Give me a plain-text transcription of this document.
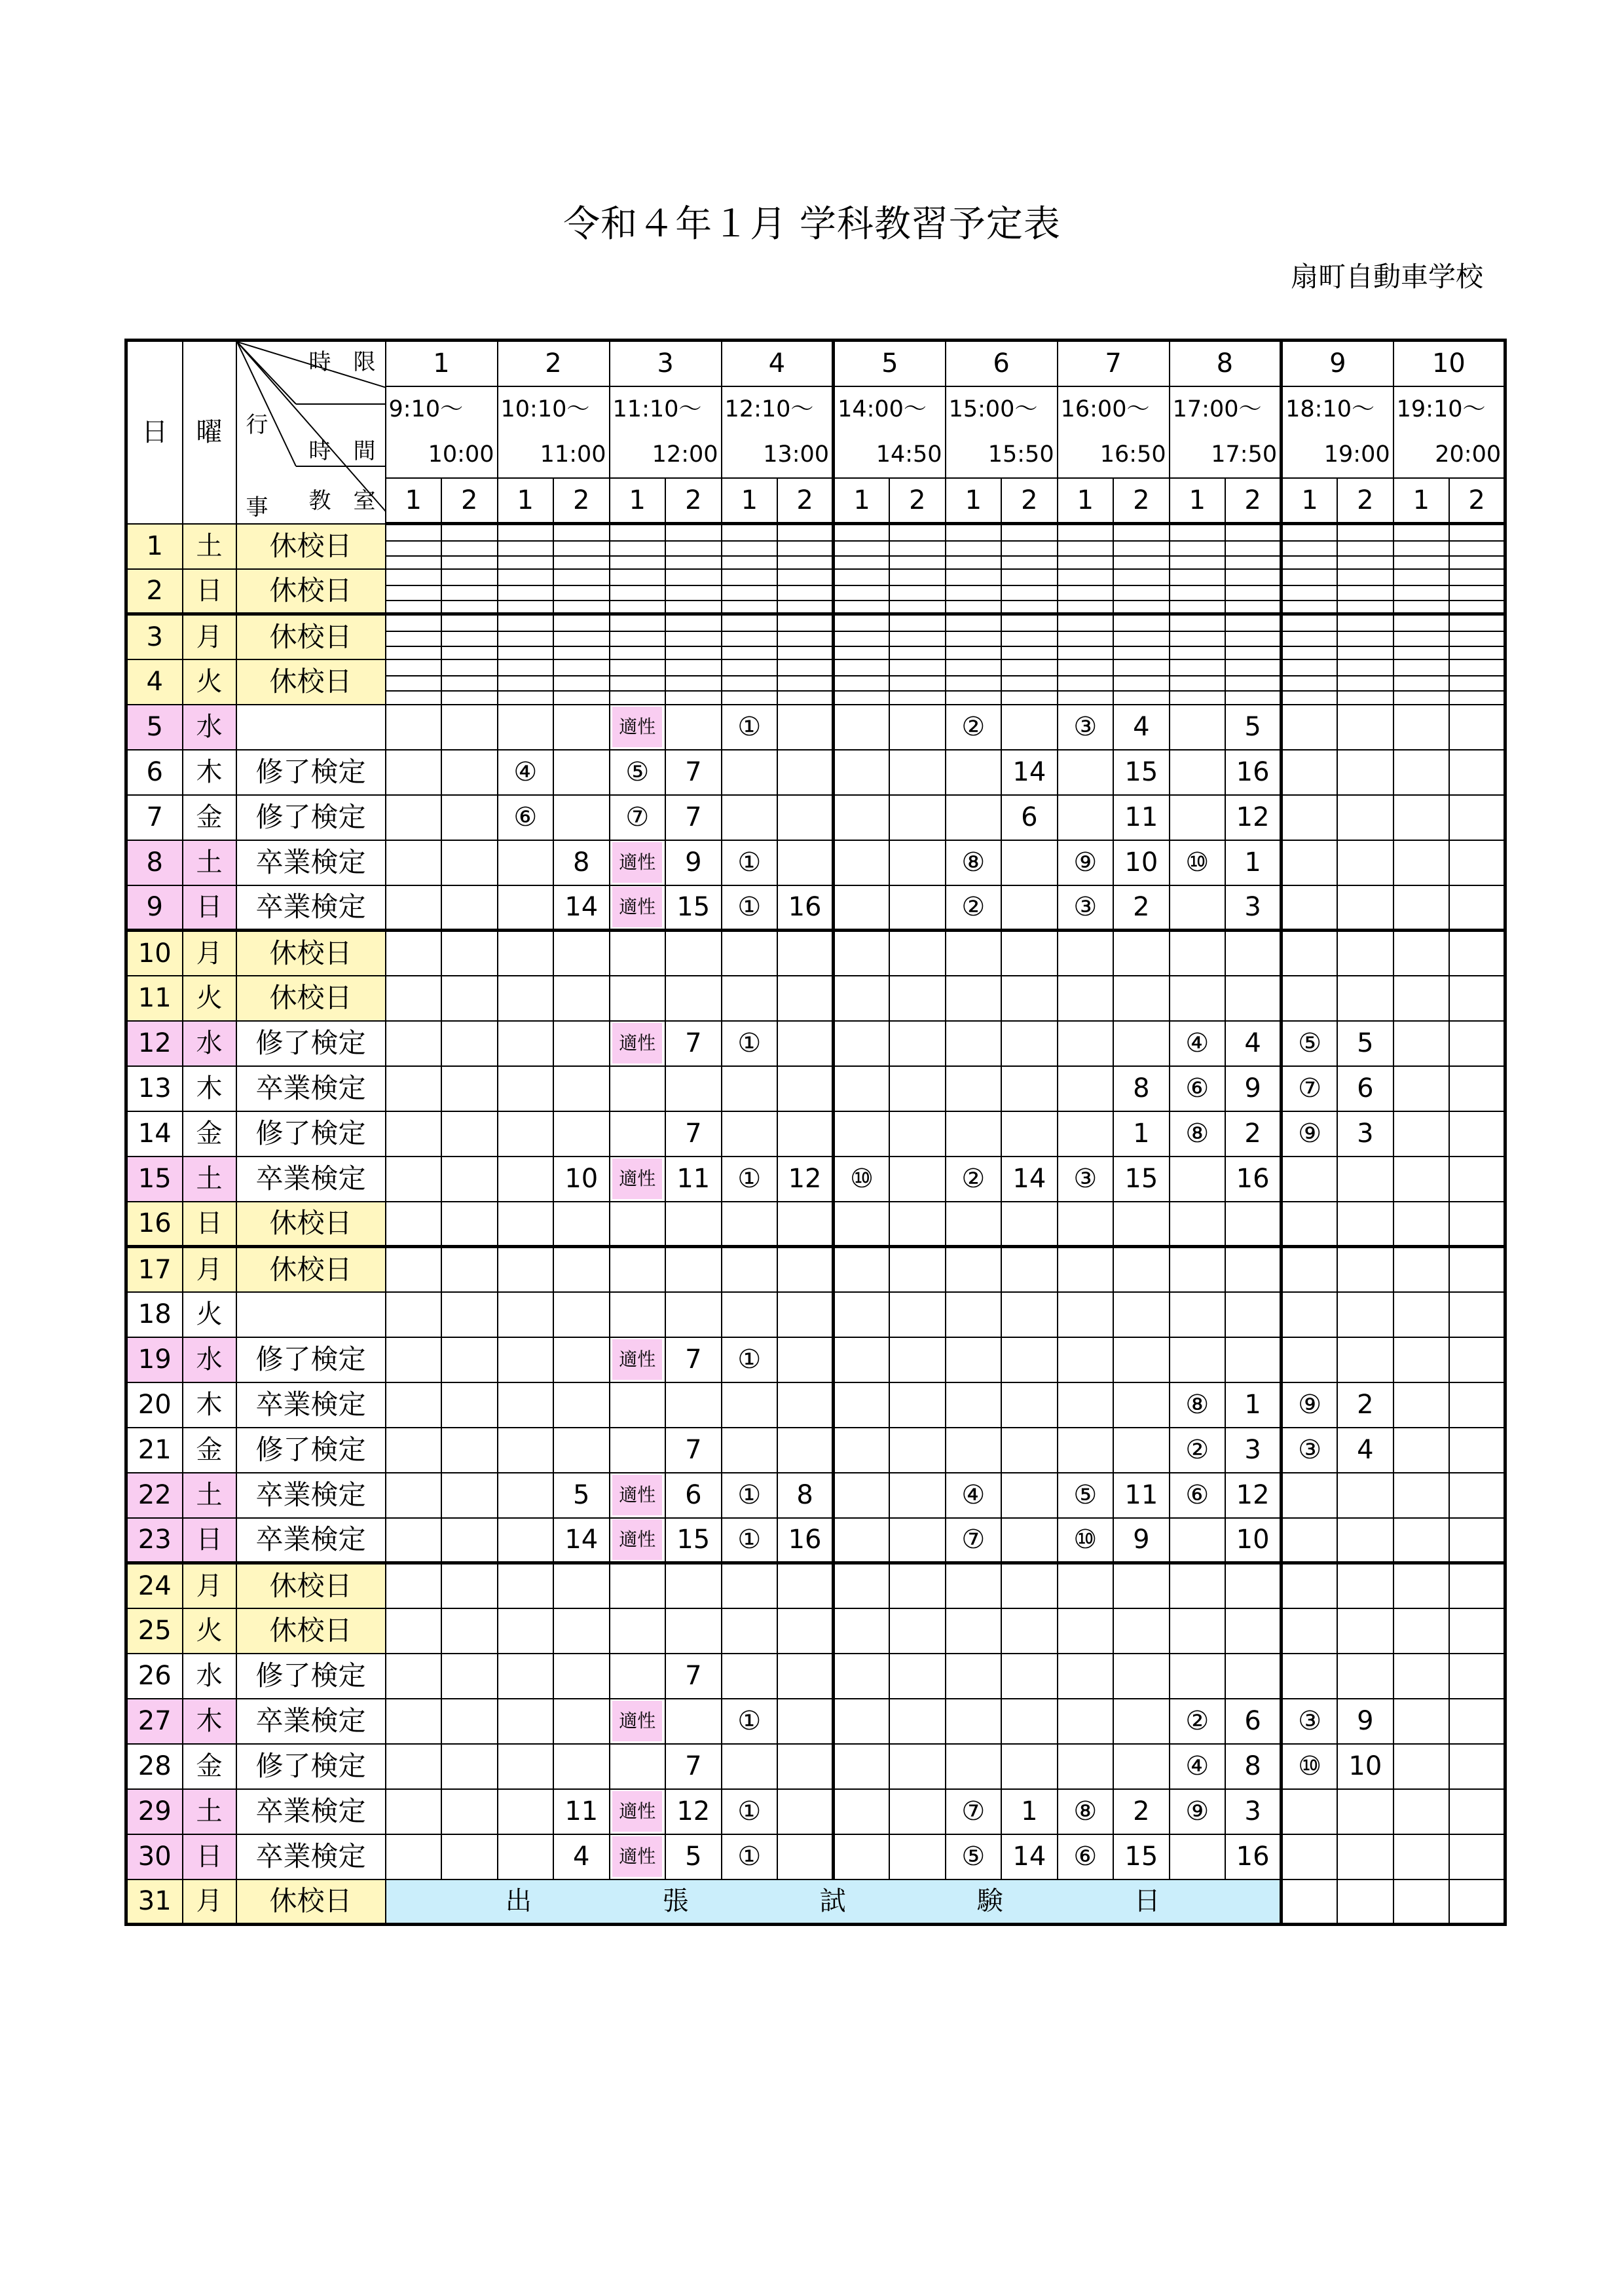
令和４年１月 学科教習予定表
扇町自動車学校
日	曜	時　限
行
時　間
教　室
事	1		2		3		4		5		6		7		8		9		10	
			9:10～		10:10～		11:10～		12:10～		14:00～		15:00～		16:00～		17:00～		18:10～		19:10～	
			10:00		11:00		12:00		13:00		14:50		15:50		16:50		17:50		19:00		20:00	
			1	2	1	2	1	2	1	2	1	2	1	2	1	2	1	2	1	2	1	2
1	土	休校日	

2	日	休校日	

3	月	休校日	

4	火	休校日	

5	水						適性		①				②		③	4		5				
6	木	修了検定			④		⑤	7						14		15		16				
7	金	修了検定			⑥		⑦	7						6		11		12				
8	土	卒業検定				8	適性	9	①				⑧		⑨	10	⑩	1				
9	日	卒業検定				14	適性	15	①	16			②		③	2		3				
10	月	休校日																				
11	火	休校日																				
12	水	修了検定					適性	7	①								④	4	⑤	5		
13	木	卒業検定														8	⑥	9	⑦	6		
14	金	修了検定						7								1	⑧	2	⑨	3		
15	土	卒業検定				10	適性	11	①	12	⑩		②	14	③	15		16				
16	日	休校日																				
17	月	休校日																				
18	火																					
19	水	修了検定					適性	7	①													
20	木	卒業検定															⑧	1	⑨	2		
21	金	修了検定						7									②	3	③	4		
22	土	卒業検定				5	適性	6	①	8			④		⑤	11	⑥	12				
23	日	卒業検定				14	適性	15	①	16			⑦		⑩	9		10				
24	月	休校日																				
25	火	休校日																				
26	水	修了検定						7														
27	木	卒業検定					適性		①								②	6	③	9		
28	金	修了検定						7									④	8	⑩	10		
29	土	卒業検定				11	適性	12	①				⑦	1	⑧	2	⑨	3				
30	日	卒業検定				4	適性	5	①				⑤	14	⑥	15		16				
31	月	休校日	出　　　　　張　　　　　試　　　　　験　　　　　日																			
